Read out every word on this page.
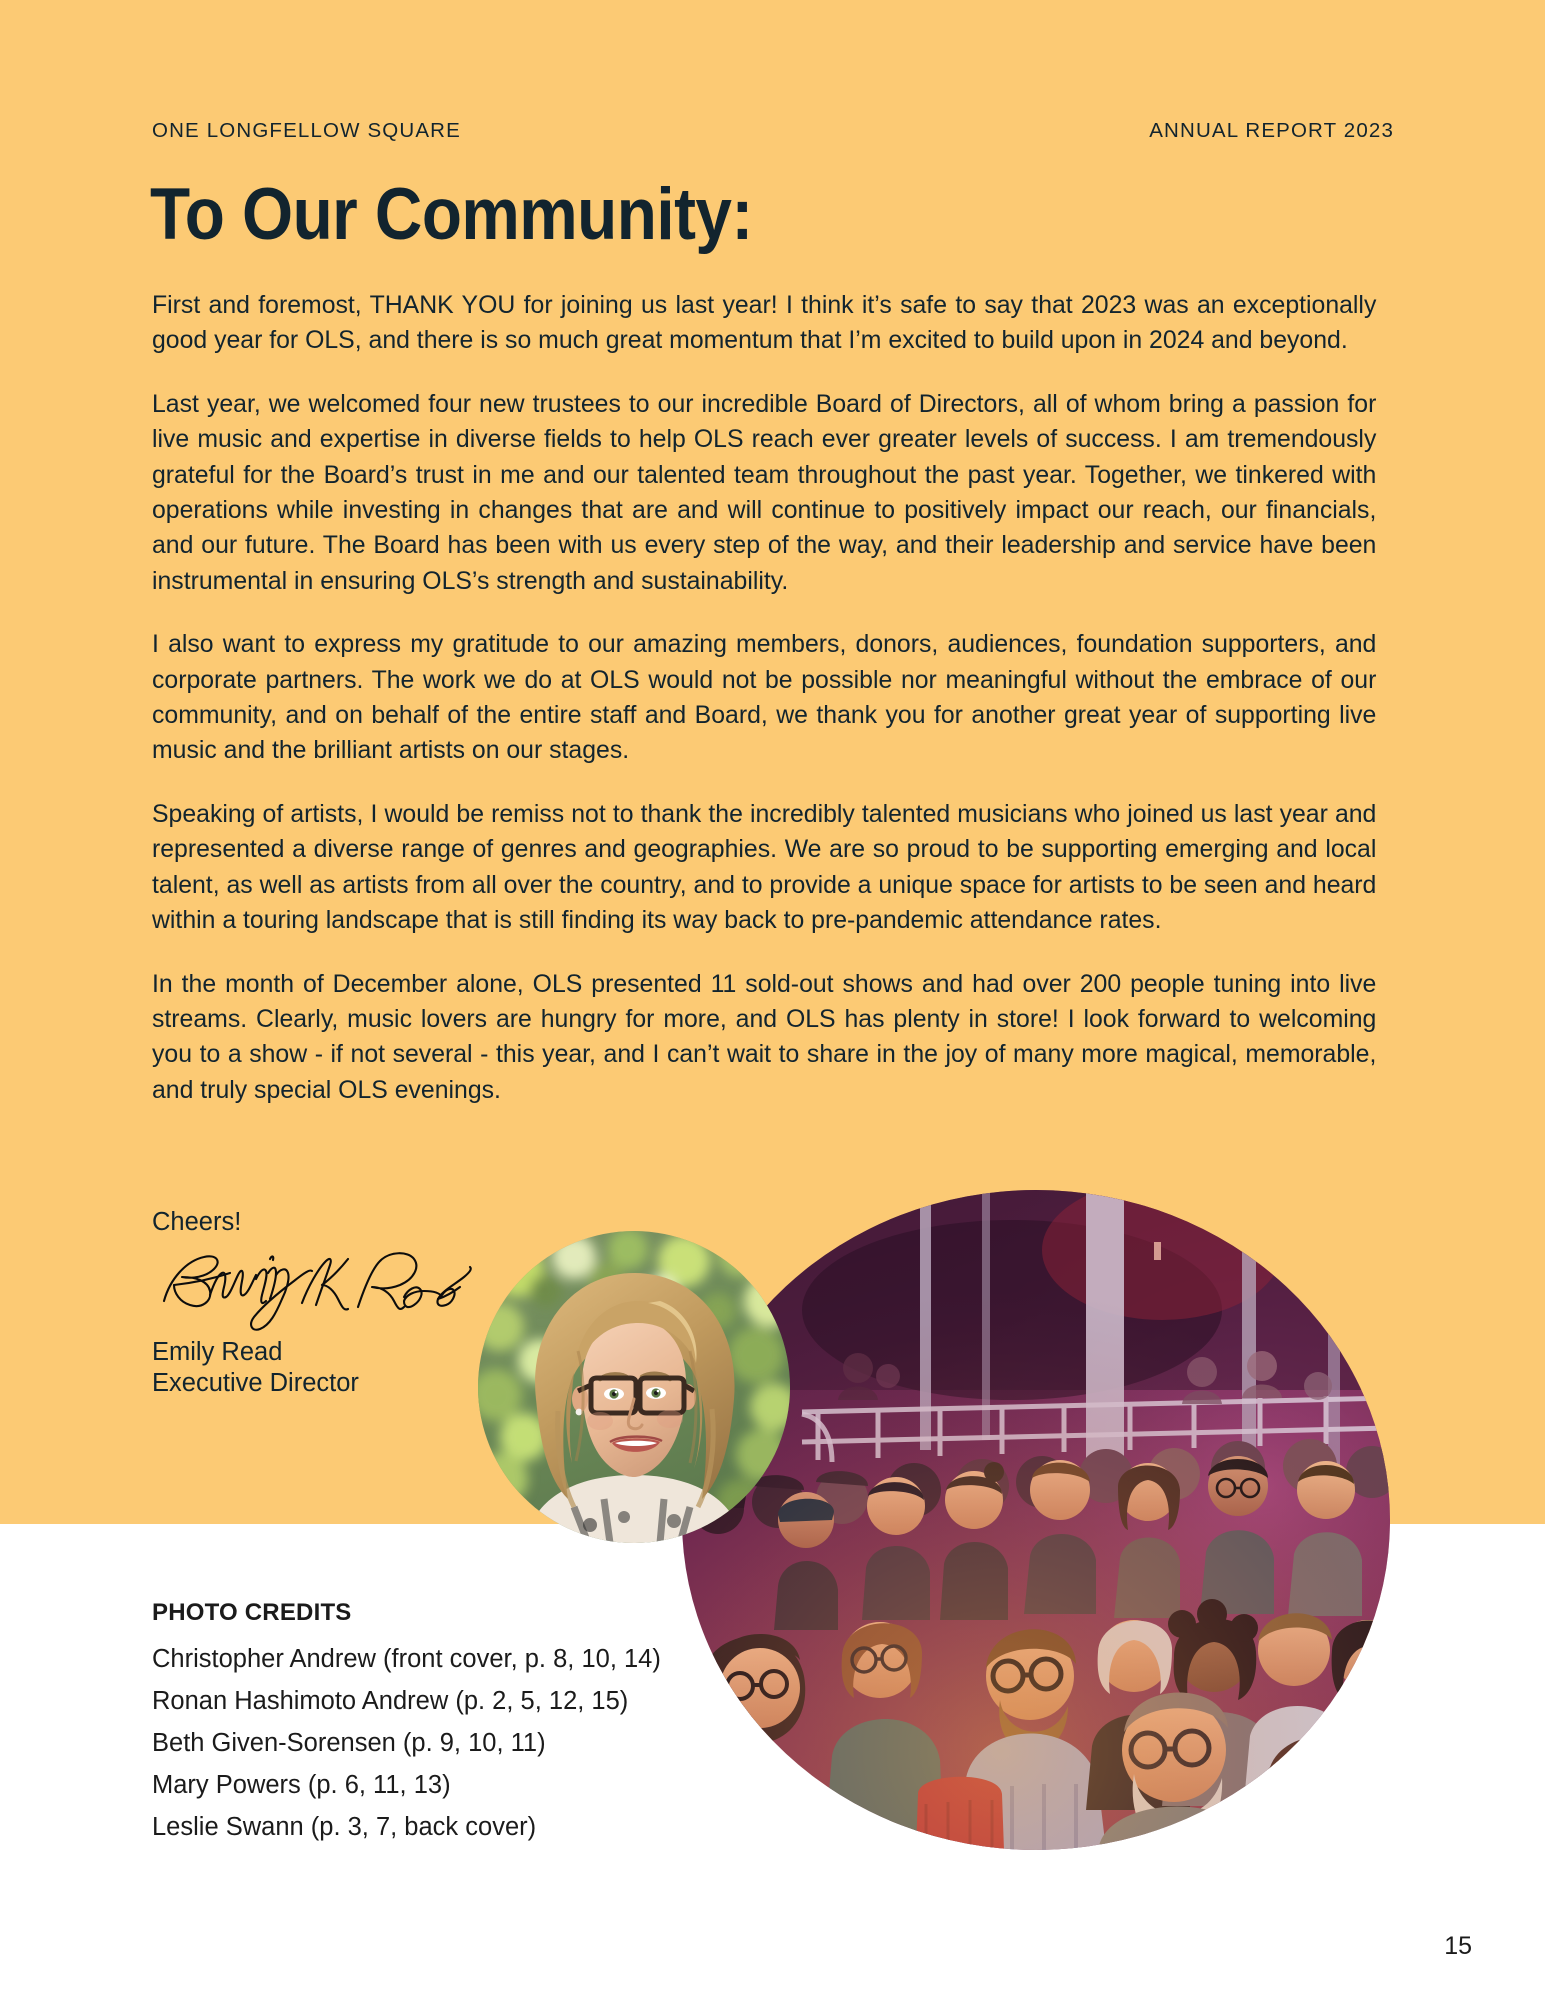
ONE LONGFELLOW SQUARE	ANNUAL REPORT 2023
To Our Community:

First and foremost, THANK YOU for joining us last year! I think it’s safe to say that 2023 was an exceptionally good year for OLS, and there is so much great momentum that I’m excited to build upon in 2024 and beyond.

Last year, we welcomed four new trustees to our incredible Board of Directors, all of whom bring a passion for live music and expertise in diverse fields to help OLS reach ever greater levels of success. I am tremendously grateful for the Board’s trust in me and our talented team throughout the past year. Together, we tinkered with operations while investing in changes that are and will continue to positively impact our reach, our financials, and our future. The Board has been with us every step of the way, and their leadership and service have been instrumental in ensuring OLS’s strength and sustainability.

I also want to express my gratitude to our amazing members, donors, audiences, foundation supporters, and corporate partners. The work we do at OLS would not be possible nor meaningful without the embrace of our community, and on behalf of the entire staff and Board, we thank you for another great year of supporting live music and the brilliant artists on our stages.

Speaking of artists, I would be remiss not to thank the incredibly talented musicians who joined us last year and represented a diverse range of genres and geographies. We are so proud to be supporting emerging and local talent, as well as artists from all over the country, and to provide a unique space for artists to be seen and heard within a touring landscape that is still finding its way back to pre-pandemic attendance rates.

In the month of December alone, OLS presented 11 sold-out shows and had over 200 people tuning into live streams. Clearly, music lovers are hungry for more, and OLS has plenty in store! I look forward to welcoming you to a show - if not several - this year, and I can’t wait to share in the joy of many more magical, memorable, and truly special OLS evenings.

Cheers!
Emily Read
Executive Director
PHOTO CREDITS
Christopher Andrew (front cover, p. 8, 10, 14)
Ronan Hashimoto Andrew (p. 2, 5, 12, 15)
Beth Given-Sorensen (p. 9, 10, 11)
Mary Powers (p. 6, 11, 13)
Leslie Swann (p. 3, 7, back cover)
15
